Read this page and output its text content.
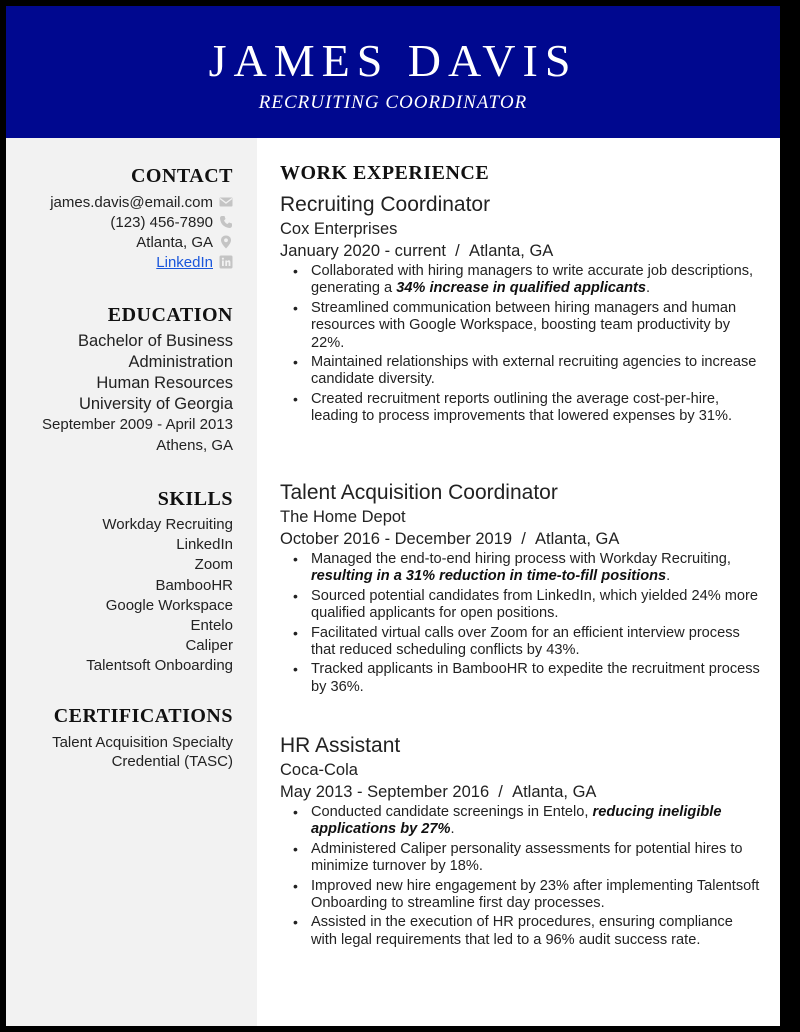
JAMES DAVIS
RECRUITING COORDINATOR
CONTACT
james.davis@email.com
(123) 456-7890
Atlanta, GA
LinkedIn
EDUCATION
Bachelor of Business
Administration
Human Resources
University of Georgia
September 2009 - April 2013
Athens, GA
SKILLS
Workday Recruiting
LinkedIn
Zoom
BambooHR
Google Workspace
Entelo
Caliper
Talentsoft Onboarding
CERTIFICATIONS
Talent Acquisition Specialty
Credential (TASC)
WORK EXPERIENCE
Recruiting Coordinator
Cox Enterprises
January 2020 - current  /  Atlanta, GA
• Collaborated with hiring managers to write accurate job descriptions, generating a 34% increase in qualified applicants.
• Streamlined communication between hiring managers and human resources with Google Workspace, boosting team productivity by 22%.
• Maintained relationships with external recruiting agencies to increase candidate diversity.
• Created recruitment reports outlining the average cost-per-hire, leading to process improvements that lowered expenses by 31%.
Talent Acquisition Coordinator
The Home Depot
October 2016 - December 2019  /  Atlanta, GA
• Managed the end-to-end hiring process with Workday Recruiting, resulting in a 31% reduction in time-to-fill positions.
• Sourced potential candidates from LinkedIn, which yielded 24% more qualified applicants for open positions.
• Facilitated virtual calls over Zoom for an efficient interview process that reduced scheduling conflicts by 43%.
• Tracked applicants in BambooHR to expedite the recruitment process by 36%.
HR Assistant
Coca-Cola
May 2013 - September 2016  /  Atlanta, GA
• Conducted candidate screenings in Entelo, reducing ineligible applications by 27%.
• Administered Caliper personality assessments for potential hires to minimize turnover by 18%.
• Improved new hire engagement by 23% after implementing Talentsoft Onboarding to streamline first day processes.
• Assisted in the execution of HR procedures, ensuring compliance with legal requirements that led to a 96% audit success rate.
